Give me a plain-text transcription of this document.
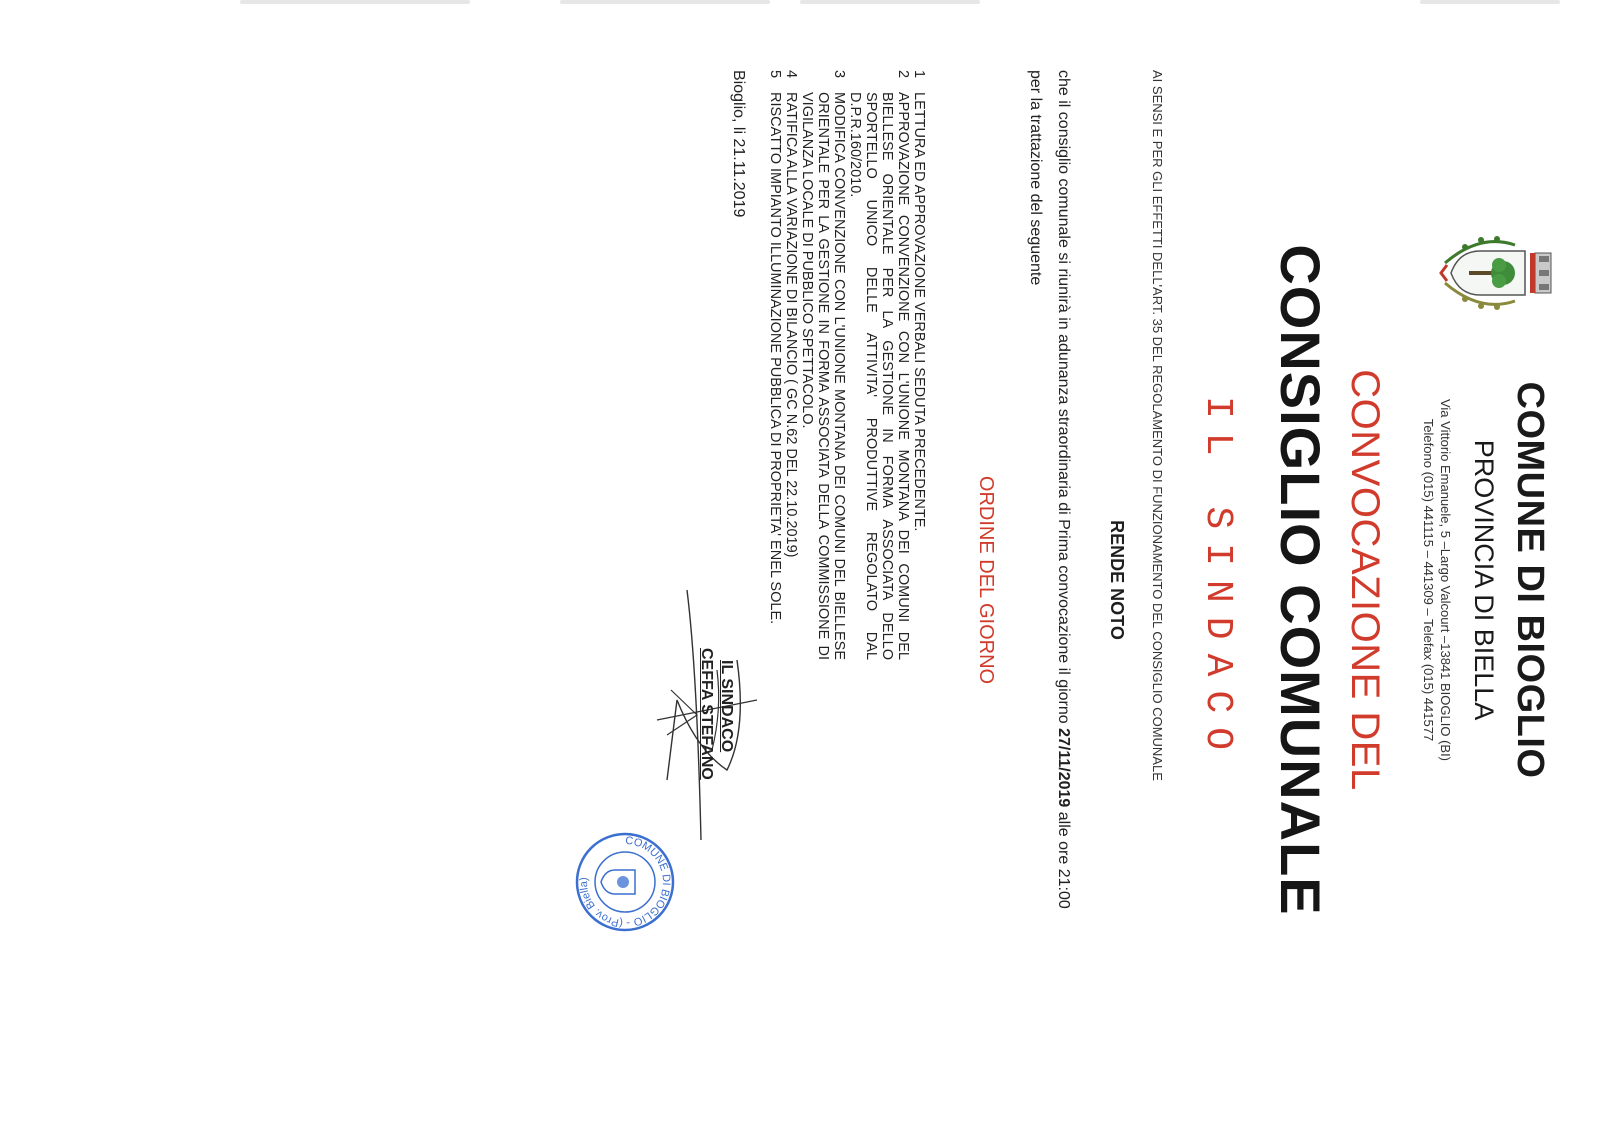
COMUNE DI BIOGLIO
PROVINCIA DI BIELLA
Via Vittorio Emanuele, 5 –Largo Valcourt –13841 BIOGLIO (BI)
Telefono (015) 441115 – 441309 – Telefax (015) 441577
CONVOCAZIONE DEL
CONSIGLIO COMUNALE
IL SINDACO
AI SENSI E PER GLI EFFETTI DELL'ART. 35 DEL REGOLAMENTO DI FUNZIONAMENTO DEL CONSIGLIO COMUNALE
RENDE NOTO
che il consiglio comunale si riunirà in adunanza straordinaria di Prima convocazione il giorno 27/11/2019 alle ore 21:00
per la trattazione del seguente
ORDINE DEL GIORNO
1
LETTURA ED APPROVAZIONE VERBALI SEDUTA PRECEDENTE.
2
APPROVAZIONE CONVENZIONE CON L'UNIONE MONTANA DEI COMUNI DEL BIELLESE ORIENTALE PER LA GESTIONE IN FORMA ASSOCIATA DELLO SPORTELLO UNICO DELLE ATTIVITA' PRODUTTIVE REGOLATO DAL D.P.R.160/2010.
3
MODIFICA CONVENZIONE CON L'UNIONE MONTANA DEI COMUNI DEL BIELLESE ORIENTALE PER LA GESTIONE IN FORMA ASSOCIATA DELLA COMMISSIONE DI VIGILANZA LOCALE DI PUBBLICO SPETTACOLO.
4
RATIFICA ALLA VARIAZIONE DI BILANCIO ( GC N.62 DEL 22.10.2019)
5
RISCATTO IMPIANTO ILLUMINAZIONE PUBBLICA DI PROPRIETA' ENEL SOLE.
Bioglio, li 21.11.2019
IL SINDACO
CEFFA STEFANO
COMUNE DI BIOGLIO - (Prov. Biella)
